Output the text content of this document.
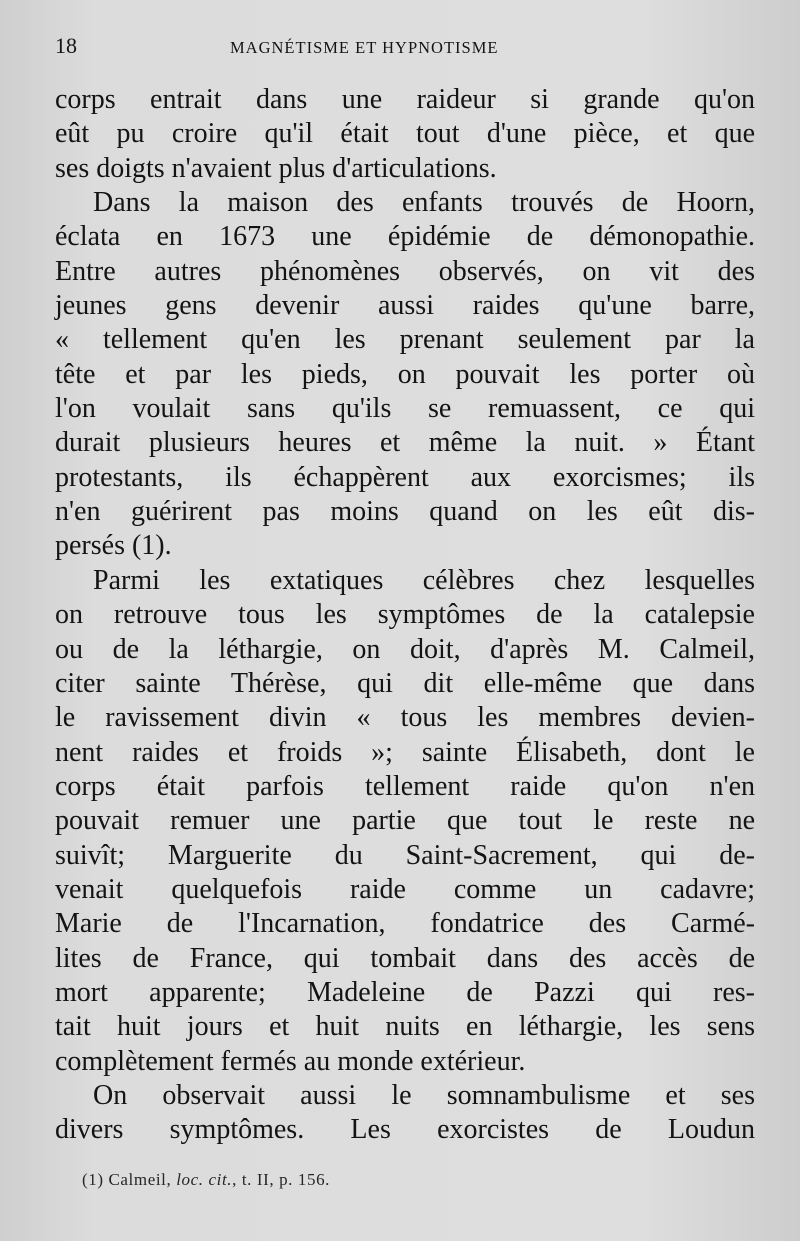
18	MAGNÉTISME ET HYPNOTISME
corps entrait dans une raideur si grande qu'on
eût pu croire qu'il était tout d'une pièce, et que
ses doigts n'avaient plus d'articulations.
Dans la maison des enfants trouvés de Hoorn,
éclata en 1673 une épidémie de démonopathie.
Entre autres phénomènes observés, on vit des
jeunes gens devenir aussi raides qu'une barre,
« tellement qu'en les prenant seulement par la
tête et par les pieds, on pouvait les porter où
l'on voulait sans qu'ils se remuassent, ce qui
durait plusieurs heures et même la nuit. » Étant
protestants, ils échappèrent aux exorcismes; ils
n'en guérirent pas moins quand on les eût dis-
persés (1).
Parmi les extatiques célèbres chez lesquelles
on retrouve tous les symptômes de la catalepsie
ou de la léthargie, on doit, d'après M. Calmeil,
citer sainte Thérèse, qui dit elle-même que dans
le ravissement divin « tous les membres devien-
nent raides et froids »; sainte Élisabeth, dont le
corps était parfois tellement raide qu'on n'en
pouvait remuer une partie que tout le reste ne
suivît; Marguerite du Saint-Sacrement, qui de-
venait quelquefois raide comme un cadavre;
Marie de l'Incarnation, fondatrice des Carmé-
lites de France, qui tombait dans des accès de
mort apparente; Madeleine de Pazzi qui res-
tait huit jours et huit nuits en léthargie, les sens
complètement fermés au monde extérieur.
On observait aussi le somnambulisme et ses
divers symptômes. Les exorcistes de Loudun
(1) Calmeil, loc. cit., t. II, p. 156.
